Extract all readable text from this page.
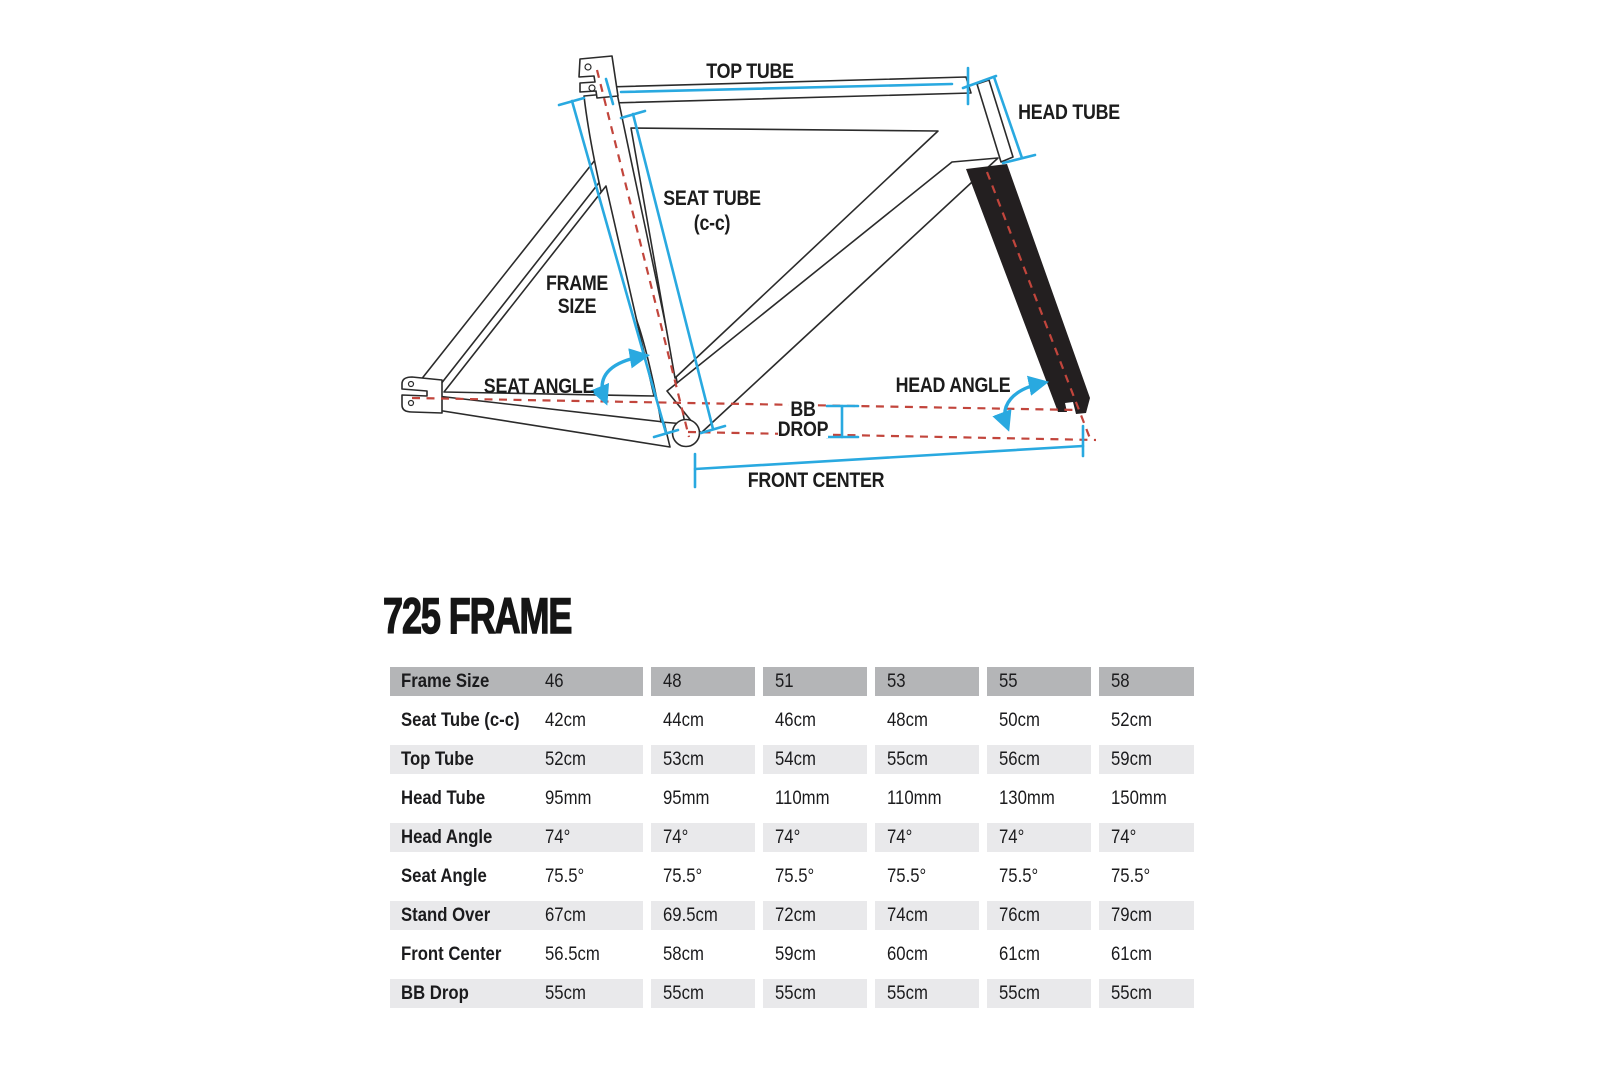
TOP TUBE
HEAD TUBE
SEAT TUBE
(c-c)
FRAME
SIZE
SEAT ANGLE	HEAD ANGLE
BB
DROP
FRONT CENTER
725 FRAME
Frame Size	46	48	51	53	55	58
Seat Tube (c-c) 42cm	44cm	46cm	48cm	50cm	52cm
Top Tube	52cm	53cm	54cm	55cm	56cm	59cm
Head Tube	95mm	95mm	110mm	110mm	130mm	150mm
Head Angle	74°	74°	74°	74°	74°	74°
Seat Angle	75.5°	75.5°	75.5°	75.5°	75.5°	75.5°
Stand Over	67cm	69.5cm	72cm	74cm	76cm	79cm
Front Center 56.5cm	58cm	59cm	60cm	61cm	61cm
BB Drop	55cm	55cm	55cm	55cm	55cm	55cm
